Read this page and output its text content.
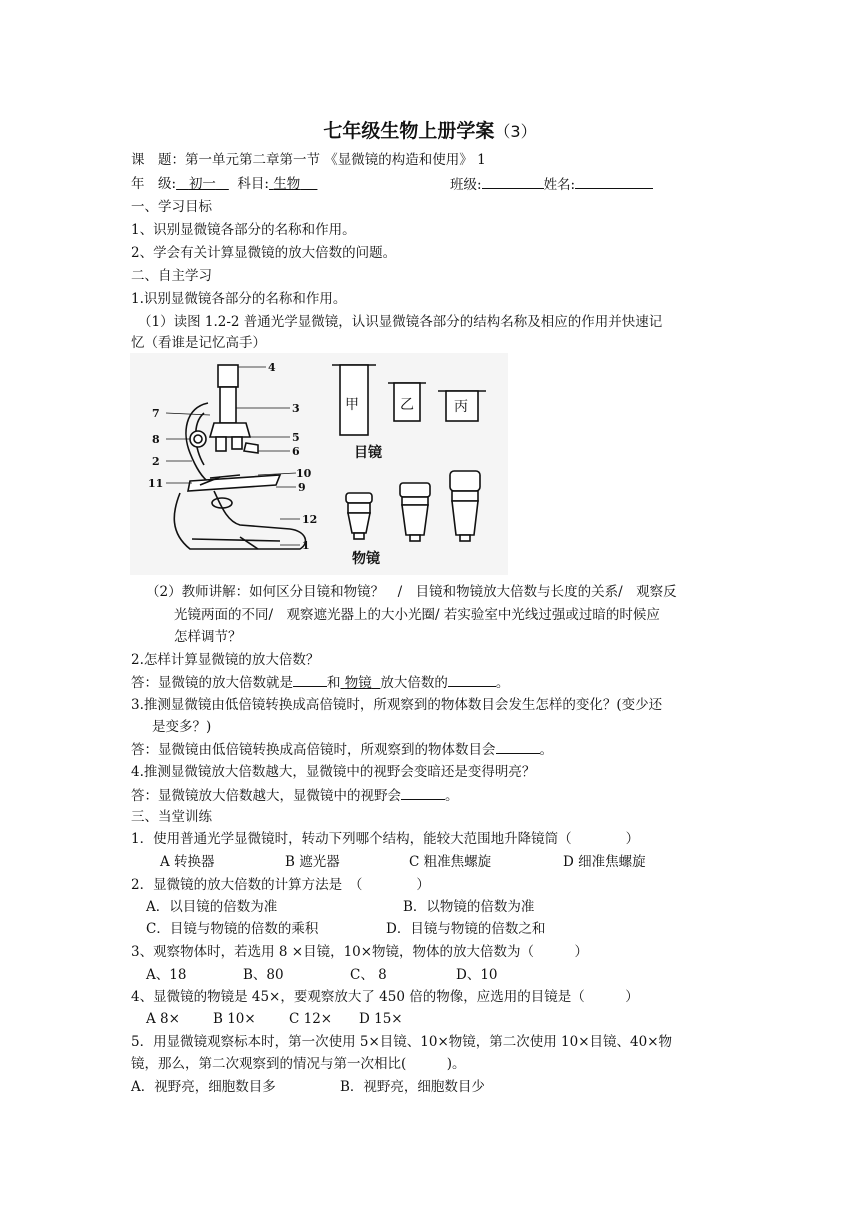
七年级生物上册学案（3）
课　题：第一单元第二章第一节 《显微镜的构造和使用》 1
年　级: 初一 科目: 生物	班级:	姓名:
一、学习目标
1、识别显微镜各部分的名称和作用。
2、学会有关计算显微镜的放大倍数的问题。
二、自主学习
1.识别显微镜各部分的名称和作用。
（1）读图 1.2-2 普通光学显微镜，认识显微镜各部分的结构名称及相应的作用并快速记
忆（看谁是记忆高手）
4
3
5
6
10
9
12
1
7
8
2
11
甲	乙	丙
目镜
物镜
（2）教师讲解：如何区分目镜和物镜？　/　目镜和物镜放大倍数与长度的关系/　观察反
光镜两面的不同/　观察遮光器上的大小光圈/ 若实验室中光线过强或过暗的时候应
怎样调节？
2.怎样计算显微镜的放大倍数？
答：显微镜的放大倍数就是	和 物镜 放大倍数的	。
3.推测显微镜由低倍镜转换成高倍镜时，所观察到的物体数目会发生怎样的变化？(变少还
是变多？)
答：显微镜由低倍镜转换成高倍镜时，所观察到的物体数目会	。
4.推测显微镜放大倍数越大，显微镜中的视野会变暗还是变得明亮？
答：显微镜放大倍数越大，显微镜中的视野会	。
三、当堂训练
1．使用普通光学显微镜时，转动下列哪个结构，能较大范围地升降镜筒（　　　　）
A 转换器	B 遮光器	C 粗准焦螺旋	D 细准焦螺旋
2．显微镜的放大倍数的计算方法是　（　　　　）
A．以目镜的倍数为准	B．以物镜的倍数为准
C．目镜与物镜的倍数的乘积	D．目镜与物镜的倍数之和
3、观察物体时，若选用 8 ×目镜，10×物镜，物体的放大倍数为（　　　）
A、18	B、80	C、 8	D、10
4、显微镜的物镜是 45×，要观察放大了 450 倍的物像，应选用的目镜是（　　　）
A 8× B 10× C 12× D 15×
5．用显微镜观察标本时，第一次使用 5×目镜、10×物镜，第二次使用 10×目镜、40×物
镜，那么，第二次观察到的情况与第一次相比(　　　)。
A．视野亮，细胞数目多	B．视野亮，细胞数目少
